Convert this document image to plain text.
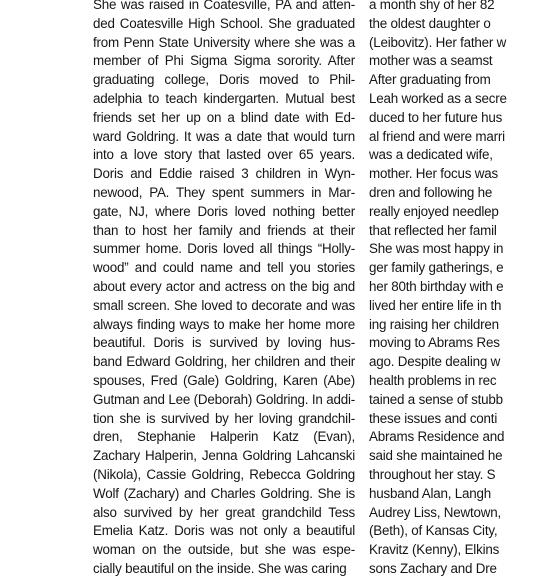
She was raised in Coatesville, PA and atten-
ded Coatesville High School. She graduated
from Penn State University where she was a
member of Phi Sigma Sigma sorority. After
graduating college, Doris moved to Phil-
adelphia to teach kindergarten. Mutual best
friends set her up on a blind date with Ed-
ward Goldring. It was a date that would turn
into a love story that lasted over 65 years.
Doris and Eddie raised 3 children in Wyn-
newood, PA. They spent summers in Mar-
gate, NJ, where Doris loved nothing better
than to host her family and friends at their
summer home. Doris loved all things “Holly-
wood” and could name and tell you stories
about every actor and actress on the big and
small screen. She loved to decorate and was
always finding ways to make her home more
beautiful. Doris is survived by loving hus-
band Edward Goldring, her children and their
spouses, Fred (Gale) Goldring, Karen (Abe)
Gutman and Lee (Deborah) Goldring. In addi-
tion she is survived by her loving grandchil-
dren, Stephanie Halperin Katz (Evan),
Zachary Halperin, Jenna Goldring Lahcanski
(Nikola), Cassie Goldring, Rebecca Goldring
Wolf (Zachary) and Charles Goldring. She is
also survived by her great grandchild Tess
Emelia Katz. Doris was not only a beautiful
woman on the outside, but she was espe-
cially beautiful on the inside. She was caring
a month shy of her 82
the oldest daughter o
(Leibovitz). Her father w
mother was a seamst
After graduating from
Leah worked as a secre
duced to her future hus
al friend and were marri
was a dedicated wife,
mother. Her focus was
dren and following he
really enjoyed needlep
that reflected her famil
She was most happy in
ger family gatherings, e
her 80th birthday with e
lived her entire life in th
ing raising her children
moving to Abrams Res
ago. Despite dealing w
health problems in rec
tained a sense of stubb
these issues and conti
Abrams Residence and
said she maintained he
throughout her stay. S
husband Alan, Langh
Audrey Liss, Newtown,
(Beth), of Kansas City,
Kravitz (Kenny), Elkins
sons Zachary and Dre
